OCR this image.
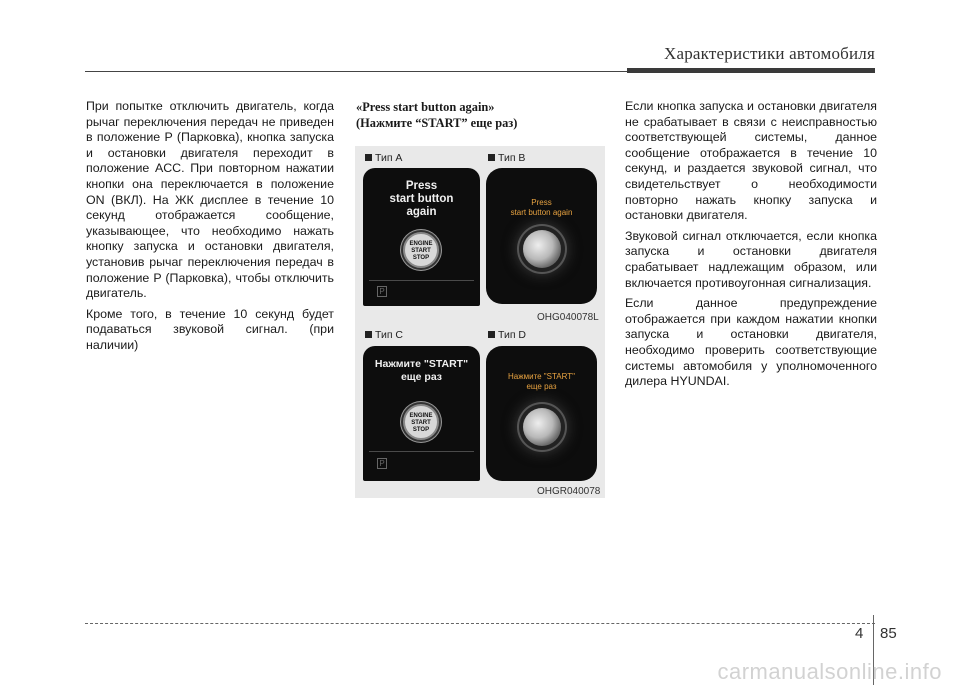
Характеристики автомобиля

При попытке отключить двигатель, когда рычаг переключения передач не приведен в положение P (Парковка), кнопка запуска и остановки двигателя переходит в положение ACC. При повторном нажатии кнопки она переключается в положение ON (ВКЛ). На ЖК дисплее в течение 10 секунд отображается сообщение, указывающее, что необходимо нажать кнопку запуска и остановки двигателя, установив рычаг переключения передач в положение P (Парковка), чтобы отключить двигатель.

Кроме того, в течение 10 секунд будет подаваться звуковой сигнал. (при наличии)

«Press start button again»
(Нажмите “START” еще раз)
Тип A	Тип B
Тип C	Тип D
Press
start button
again
ENGINE
START
STOP
P
Press
start button again
OHG040078L
Нажмите "START"
еще раз
ENGINE
START
STOP
P
Нажмите "START"
еще раз
OHGR040078

Если кнопка запуска и остановки двигателя не срабатывает в связи с неисправностью соответствующей системы, данное сообщение отображается в течение 10 секунд, и раздается звуковой сигнал, что свидетельствует о необходимости повторно нажать кнопку запуска и остановки двигателя.

Звуковой сигнал отключается, если кнопка запуска и остановки двигателя срабатывает надлежащим образом, или включается противоугонная сигнализация.

Если данное предупреждение отображается при каждом нажатии кнопки запуска и остановки двигателя, необходимо проверить соответствующие системы автомобиля у уполномоченного дилера HYUNDAI.

4 85
carmanualsonline.info
